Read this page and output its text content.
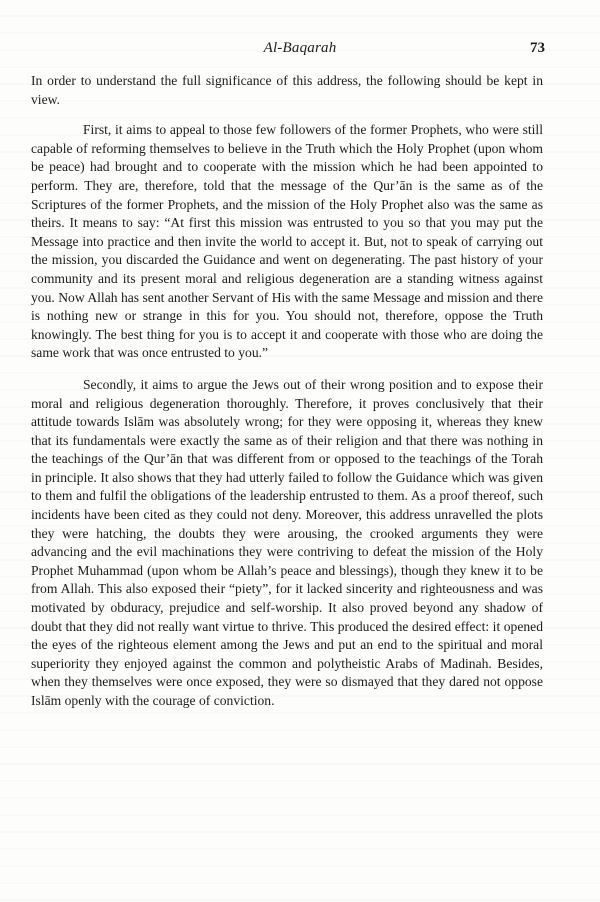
Al-Baqarah	73

In order to understand the full significance of this address, the following should be kept in view.

First, it aims to appeal to those few followers of the former Prophets, who were still capable of reforming themselves to believe in the Truth which the Holy Prophet (upon whom be peace) had brought and to cooperate with the mission which he had been appointed to perform. They are, therefore, told that the message of the Qur’ān is the same as of the Scriptures of the former Prophets, and the mission of the Holy Prophet also was the same as theirs. It means to say: “At first this mission was entrusted to you so that you may put the Message into practice and then invite the world to accept it. But, not to speak of carrying out the mission, you discarded the Guidance and went on degenerating. The past history of your community and its present moral and religious degeneration are a standing witness against you. Now Allah has sent another Servant of His with the same Message and mission and there is nothing new or strange in this for you. You should not, therefore, oppose the Truth knowingly. The best thing for you is to accept it and cooperate with those who are doing the same work that was once entrusted to you.”

Secondly, it aims to argue the Jews out of their wrong position and to expose their moral and religious degeneration thoroughly. Therefore, it proves conclusively that their attitude towards Islām was absolutely wrong; for they were opposing it, whereas they knew that its fundamentals were exactly the same as of their religion and that there was nothing in the teachings of the Qur’ān that was different from or opposed to the teachings of the Torah in principle. It also shows that they had utterly failed to follow the Guidance which was given to them and fulfil the obligations of the leadership entrusted to them. As a proof thereof, such incidents have been cited as they could not deny. Moreover, this address unravelled the plots they were hatching, the doubts they were arousing, the crooked arguments they were advancing and the evil machinations they were contriving to defeat the mission of the Holy Prophet Muhammad (upon whom be Allah’s peace and blessings), though they knew it to be from Allah. This also exposed their “piety”, for it lacked sincerity and righteousness and was motivated by obduracy, prejudice and self-worship. It also proved beyond any shadow of doubt that they did not really want virtue to thrive. This produced the desired effect: it opened the eyes of the righteous element among the Jews and put an end to the spiritual and moral superiority they enjoyed against the common and polytheistic Arabs of Madinah. Besides, when they themselves were once exposed, they were so dismayed that they dared not oppose Islām openly with the courage of conviction.
